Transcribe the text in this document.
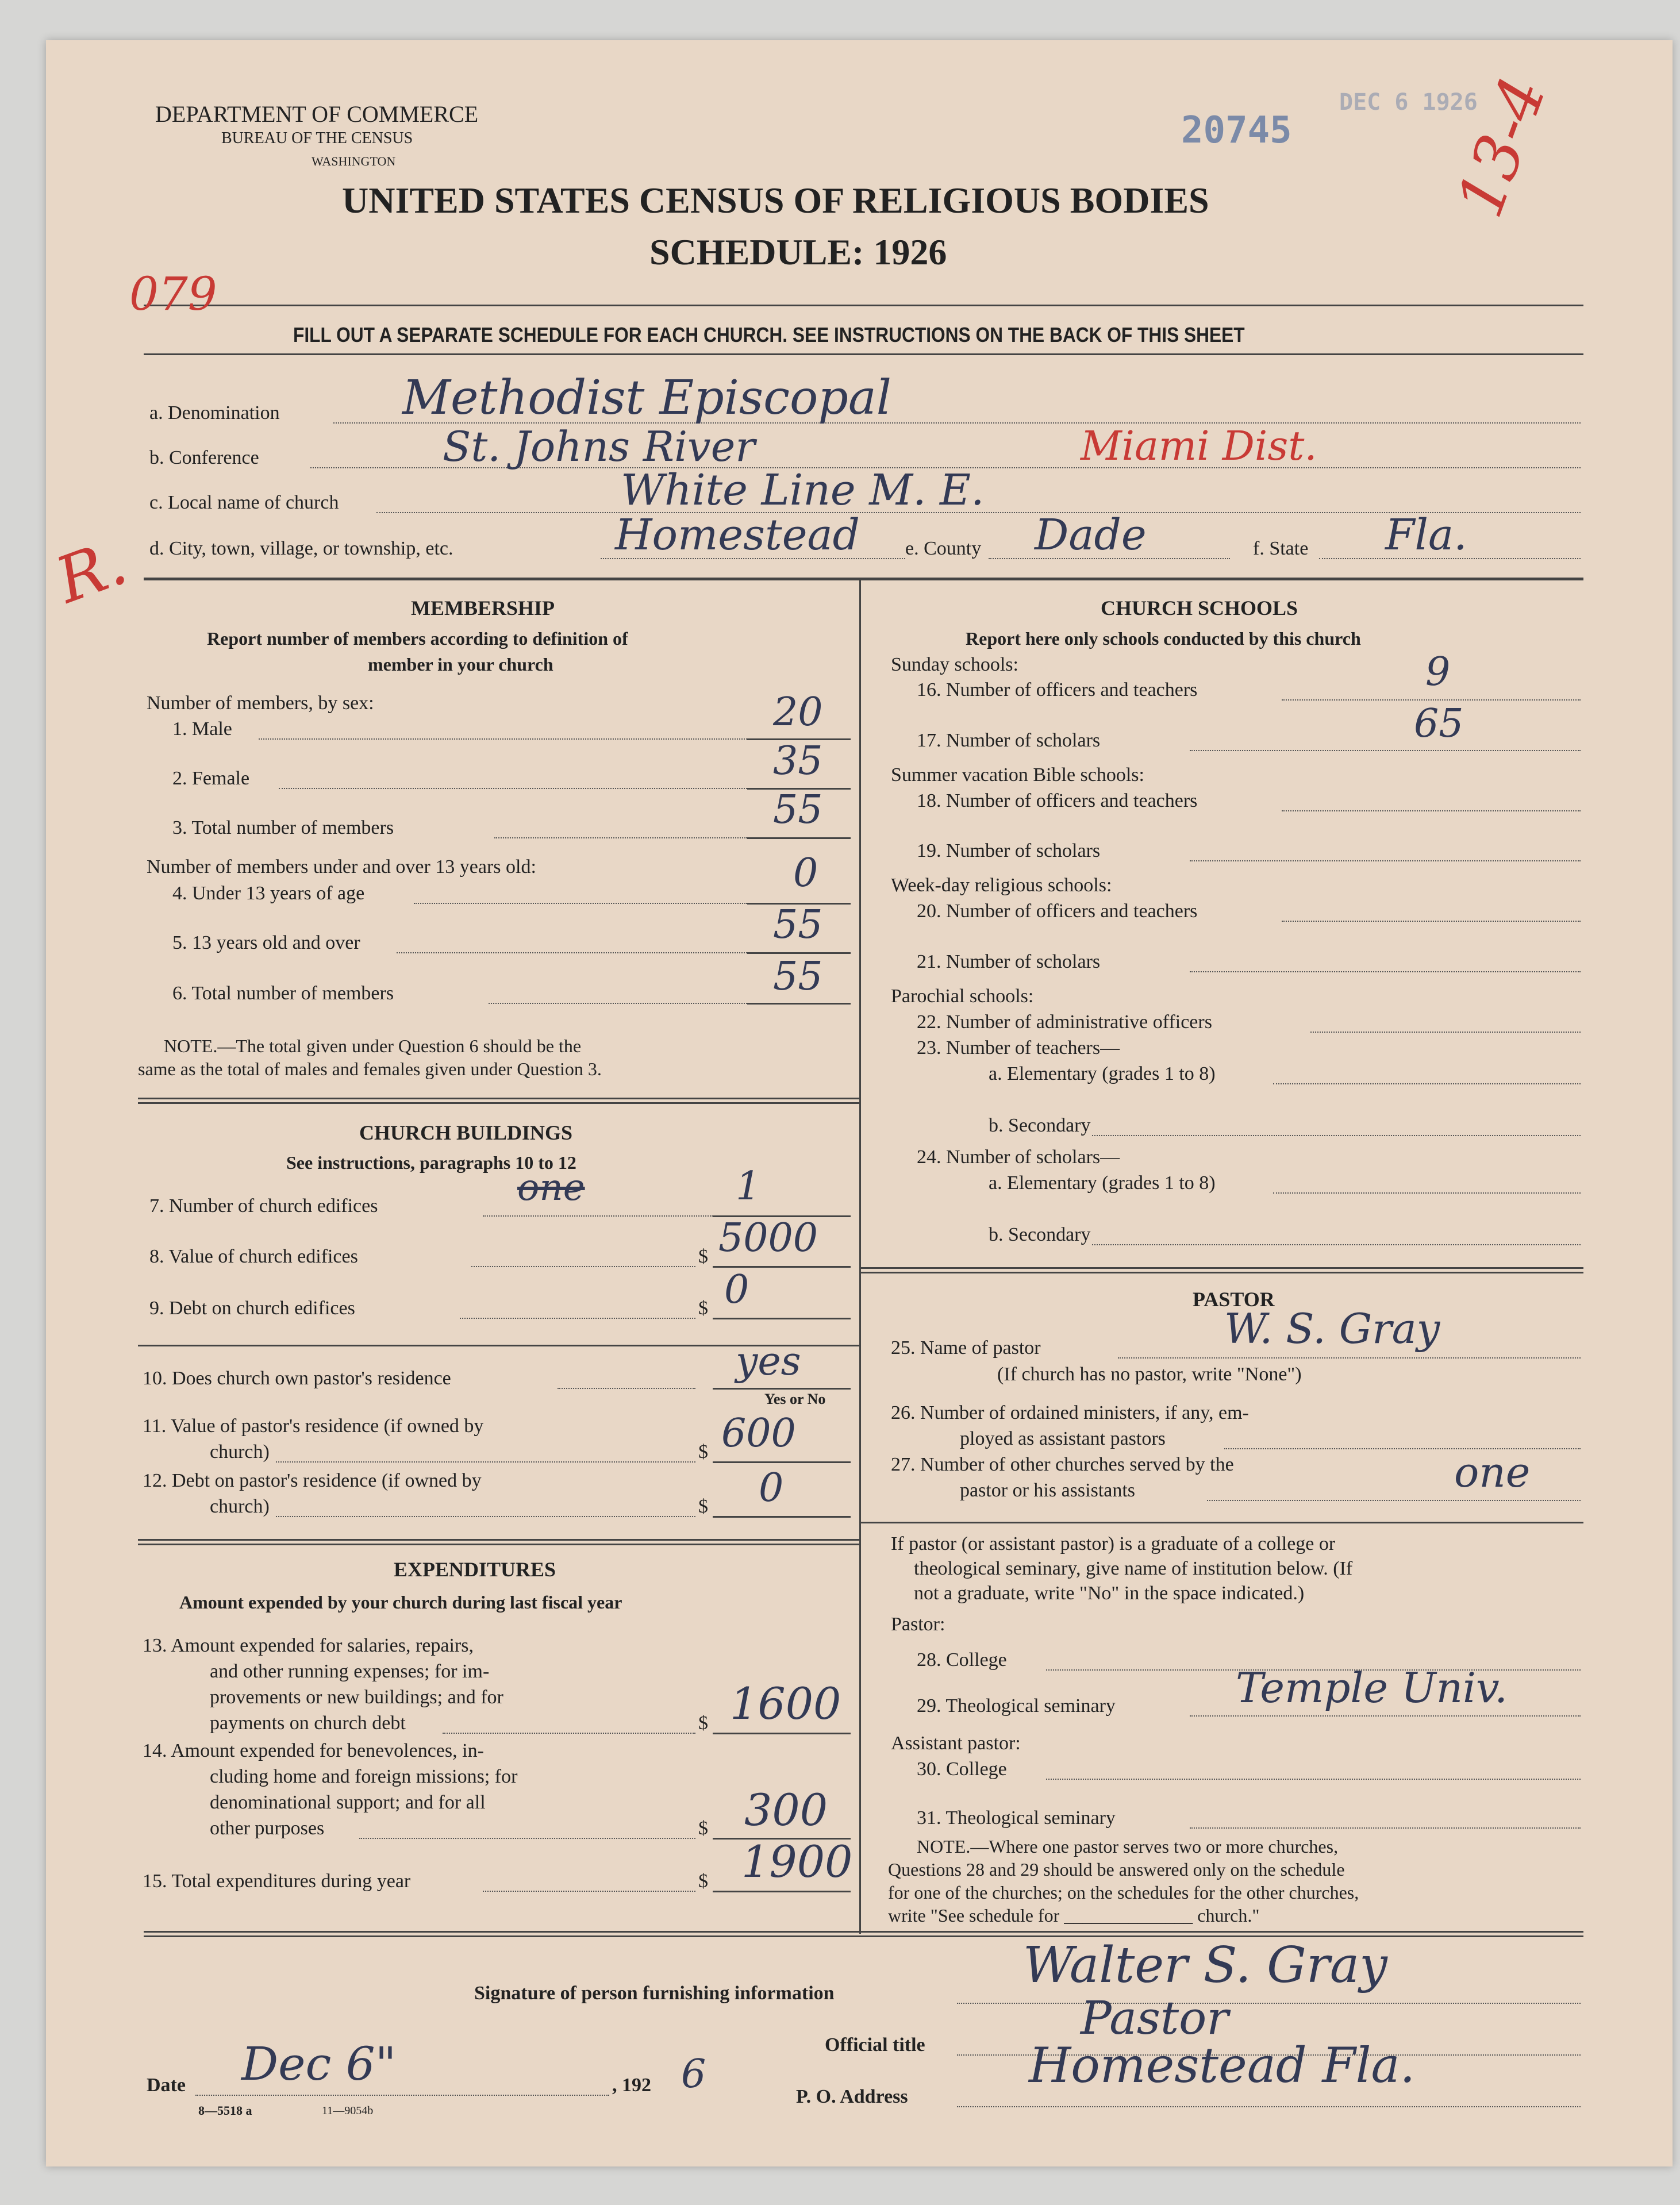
DEPARTMENT OF COMMERCE
BUREAU OF THE CENSUS
WASHINGTON
UNITED STATES CENSUS OF RELIGIOUS BODIES
SCHEDULE: 1926
FILL OUT A SEPARATE SCHEDULE FOR EACH CHURCH. SEE INSTRUCTIONS ON THE BACK OF THIS SHEET
20745
DEC 6 1926
079
13-4
R.
a. Denomination	Methodist Episcopal
b. Conference	St. Johns River	Miami Dist.
c. Local name of church	White Line M. E.
d. City, town, village, or township, etc.	Homestead e. County Dade	f. State Fla.
MEMBERSHIP
Report number of members according to definition of
member in your church
Number of members, by sex:
1. Male	20
2. Female	35
3. Total number of members	55
Number of members under and over 13 years old:
4. Under 13 years of age	0
5. 13 years old and over	55
6. Total number of members	55
NOTE.—The total given under Question 6 should be the
same as the total of males and females given under Question 3.
CHURCH BUILDINGS
See instructions, paragraphs 10 to 12
7. Number of church edifices	one	1
8. Value of church edifices	$ 5000
9. Debt on church edifices	$ 0
10. Does church own pastor's residence	yes
Yes or No
11. Value of pastor's residence (if owned by
church)	$ 600
12. Debt on pastor's residence (if owned by
church)	$ 0
EXPENDITURES
Amount expended by your church during last fiscal year
13. Amount expended for salaries, repairs,
and other running expenses; for im-
provements or new buildings; and for
payments on church debt	$ 1600
14. Amount expended for benevolences, in-
cluding home and foreign missions; for
denominational support; and for all
other purposes	$ 300
15. Total expenditures during year	$ 1900
CHURCH SCHOOLS
Report here only schools conducted by this church
Sunday schools:
16. Number of officers and teachers	9
17. Number of scholars	65
Summer vacation Bible schools:
18. Number of officers and teachers
19. Number of scholars
Week-day religious schools:
20. Number of officers and teachers
21. Number of scholars
Parochial schools:
22. Number of administrative officers
23. Number of teachers—
a. Elementary (grades 1 to 8)
b. Secondary
24. Number of scholars—
a. Elementary (grades 1 to 8)
b. Secondary
PASTOR
25. Name of pastor	W. S. Gray
(If church has no pastor, write "None")
26. Number of ordained ministers, if any, em-
ployed as assistant pastors
27. Number of other churches served by the
pastor or his assistants	one
If pastor (or assistant pastor) is a graduate of a college or
theological seminary, give name of institution below. (If
not a graduate, write "No" in the space indicated.)
Pastor:
28. College
29. Theological seminary	Temple Univ.
Assistant pastor:
30. College
31. Theological seminary
NOTE.—Where one pastor serves two or more churches,
Questions 28 and 29 should be answered only on the schedule
for one of the churches; on the schedules for the other churches,
write "See schedule for ______________ church."
Signature of person furnishing information	Walter S. Gray
Official title
Pastor
Date Dec 6"	, 192 6	P. O. Address
Homestead Fla.
8—5518 a	11—9054b
